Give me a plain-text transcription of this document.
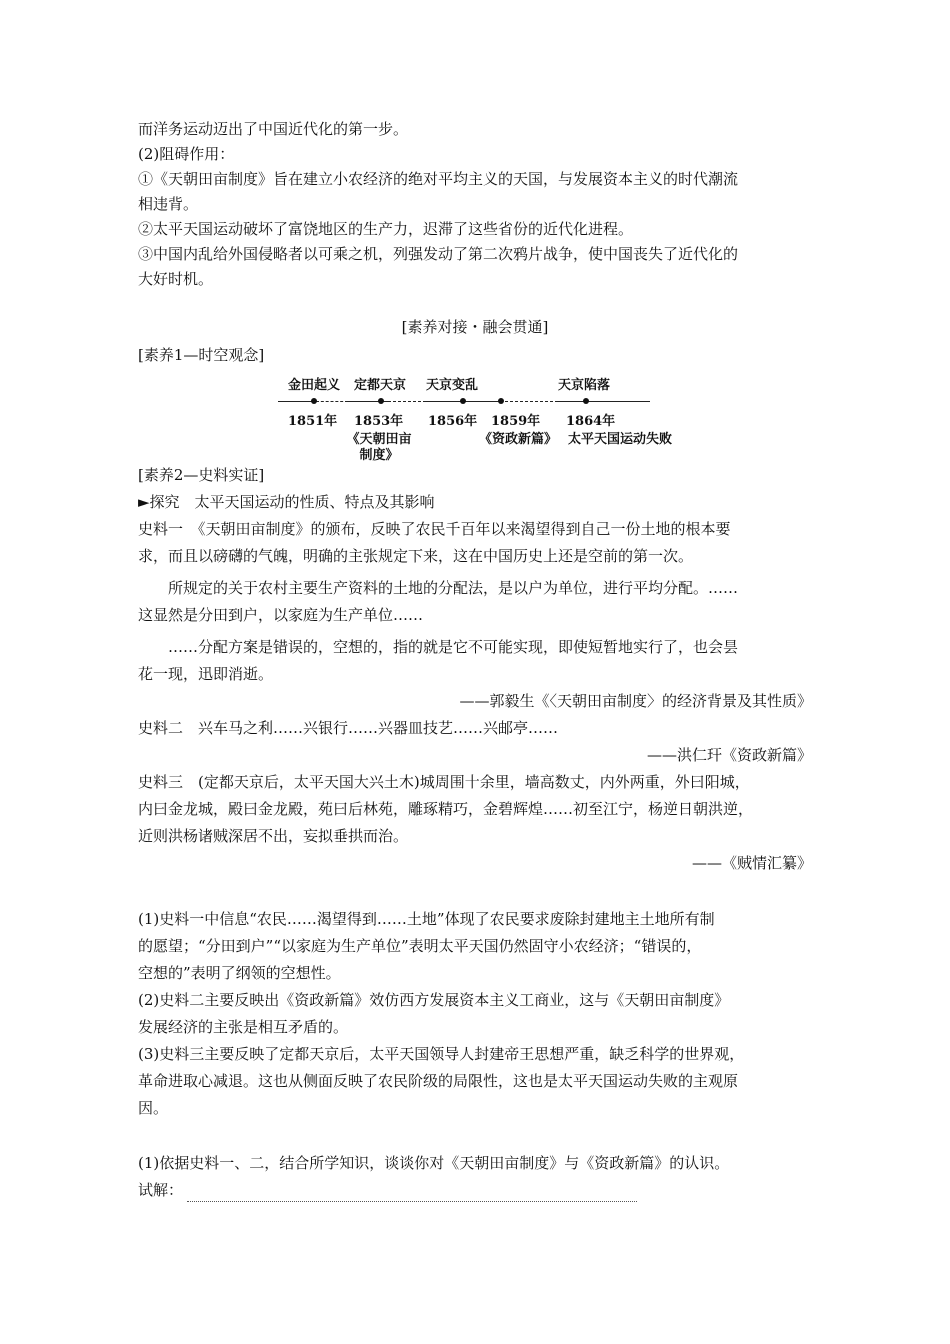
而洋务运动迈出了中国近代化的第一步。
(2)阻碍作用：
①《天朝田亩制度》旨在建立小农经济的绝对平均主义的天国，与发展资本主义的时代潮流
相违背。
②太平天国运动破坏了富饶地区的生产力，迟滞了这些省份的近代化进程。
③中国内乱给外国侵略者以可乘之机，列强发动了第二次鸦片战争，使中国丧失了近代化的
大好时机。
[素养对接・融会贯通]
[素养1—时空观念]
金田起义 定都天京 天京变乱	天京陷落
1851年 1853年 1856年 1859年 1864年
《天朝田亩
制度》
《资政新篇》 太平天国运动失败
[素养2—史料实证]
►探究　太平天国运动的性质、特点及其影响
史料一　《天朝田亩制度》的颁布，反映了农民千百年以来渴望得到自己一份土地的根本要
求，而且以磅礴的气魄，明确的主张规定下来，这在中国历史上还是空前的第一次。
所规定的关于农村主要生产资料的土地的分配法，是以户为单位，进行平均分配。……
这显然是分田到户，以家庭为生产单位……
……分配方案是错误的，空想的，指的就是它不可能实现，即使短暂地实行了，也会昙
花一现，迅即消逝。
——郭毅生《〈天朝田亩制度〉的经济背景及其性质》
史料二　兴车马之利……兴银行……兴器皿技艺……兴邮亭……
——洪仁玕《资政新篇》
史料三　(定都天京后，太平天国大兴土木)城周围十余里，墙高数丈，内外两重，外曰阳城，
内曰金龙城，殿曰金龙殿，苑曰后林苑，雕琢精巧，金碧辉煌……初至江宁，杨逆日朝洪逆，
近则洪杨诸贼深居不出，妄拟垂拱而治。
——《贼情汇纂》
(1)史料一中信息“农民……渴望得到……土地”体现了农民要求废除封建地主土地所有制
的愿望；“分田到户”“以家庭为生产单位”表明太平天国仍然固守小农经济；“错误的，
空想的”表明了纲领的空想性。
(2)史料二主要反映出《资政新篇》效仿西方发展资本主义工商业，这与《天朝田亩制度》
发展经济的主张是相互矛盾的。
(3)史料三主要反映了定都天京后，太平天国领导人封建帝王思想严重，缺乏科学的世界观，
革命进取心减退。这也从侧面反映了农民阶级的局限性，这也是太平天国运动失败的主观原
因。
(1)依据史料一、二，结合所学知识，谈谈你对《天朝田亩制度》与《资政新篇》的认识。
试解：
